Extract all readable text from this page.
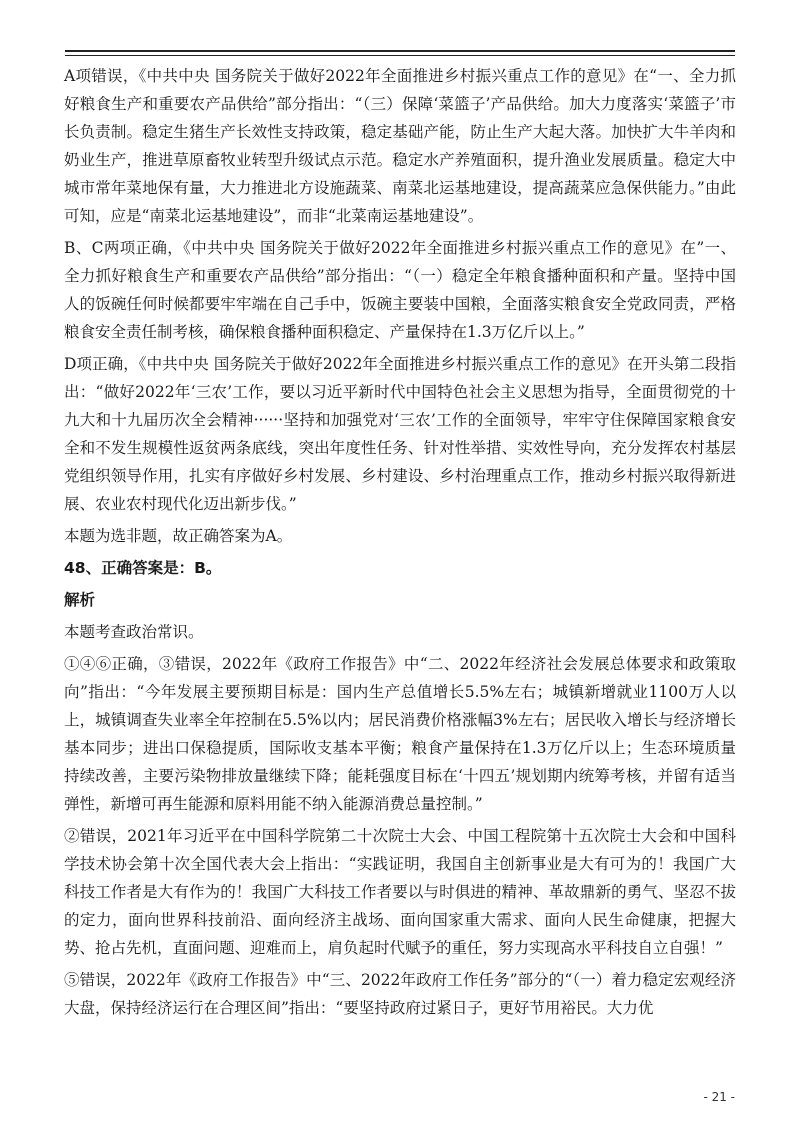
A项错误，《中共中央 国务院关于做好2022年全面推进乡村振兴重点工作的意见》在“一、全力抓好粮食生产和重要农产品供给”部分指出：“（三）保障‘菜篮子’产品供给。加大力度落实‘菜篮子’市长负责制。稳定生猪生产长效性支持政策，稳定基础产能，防止生产大起大落。加快扩大牛羊肉和奶业生产，推进草原畜牧业转型升级试点示范。稳定水产养殖面积，提升渔业发展质量。稳定大中城市常年菜地保有量，大力推进北方设施蔬菜、南菜北运基地建设，提高蔬菜应急保供能力。”由此可知，应是“南菜北运基地建设”，而非“北菜南运基地建设”。

B、C两项正确，《中共中央 国务院关于做好2022年全面推进乡村振兴重点工作的意见》在”一、全力抓好粮食生产和重要农产品供给”部分指出：“（一）稳定全年粮食播种面积和产量。坚持中国人的饭碗任何时候都要牢牢端在自己手中，饭碗主要装中国粮，全面落实粮食安全党政同责，严格粮食安全责任制考核，确保粮食播种面积稳定、产量保持在1.3万亿斤以上。”

D项正确，《中共中央 国务院关于做好2022年全面推进乡村振兴重点工作的意见》在开头第二段指出：“做好2022年‘三农’工作，要以习近平新时代中国特色社会主义思想为指导，全面贯彻党的十九大和十九届历次全会精神······坚持和加强党对‘三农’工作的全面领导，牢牢守住保障国家粮食安全和不发生规模性返贫两条底线，突出年度性任务、针对性举措、实效性导向，充分发挥农村基层党组织领导作用，扎实有序做好乡村发展、乡村建设、乡村治理重点工作，推动乡村振兴取得新进展、农业农村现代化迈出新步伐。”

本题为选非题，故正确答案为A。

48、正确答案是：B。

解析

本题考查政治常识。

①④⑥正确，③错误，2022年《政府工作报告》中“二、2022年经济社会发展总体要求和政策取向”指出：“今年发展主要预期目标是：国内生产总值增长5.5%左右；城镇新增就业1100万人以上，城镇调查失业率全年控制在5.5%以内；居民消费价格涨幅3%左右；居民收入增长与经济增长基本同步；进出口保稳提质，国际收支基本平衡；粮食产量保持在1.3万亿斤以上；生态环境质量持续改善，主要污染物排放量继续下降；能耗强度目标在‘十四五’规划期内统筹考核，并留有适当弹性，新增可再生能源和原料用能不纳入能源消费总量控制。”

②错误，2021年习近平在中国科学院第二十次院士大会、中国工程院第十五次院士大会和中国科学技术协会第十次全国代表大会上指出：“实践证明，我国自主创新事业是大有可为的！我国广大科技工作者是大有作为的！我国广大科技工作者要以与时俱进的精神、革故鼎新的勇气、坚忍不拔的定力，面向世界科技前沿、面向经济主战场、面向国家重大需求、面向人民生命健康，把握大势、抢占先机，直面问题、迎难而上，肩负起时代赋予的重任，努力实现高水平科技自立自强！”

⑤错误，2022年《政府工作报告》中“三、2022年政府工作任务”部分的“（一）着力稳定宏观经济大盘，保持经济运行在合理区间”指出：“要坚持政府过紧日子，更好节用裕民。大力优

- 21 -
